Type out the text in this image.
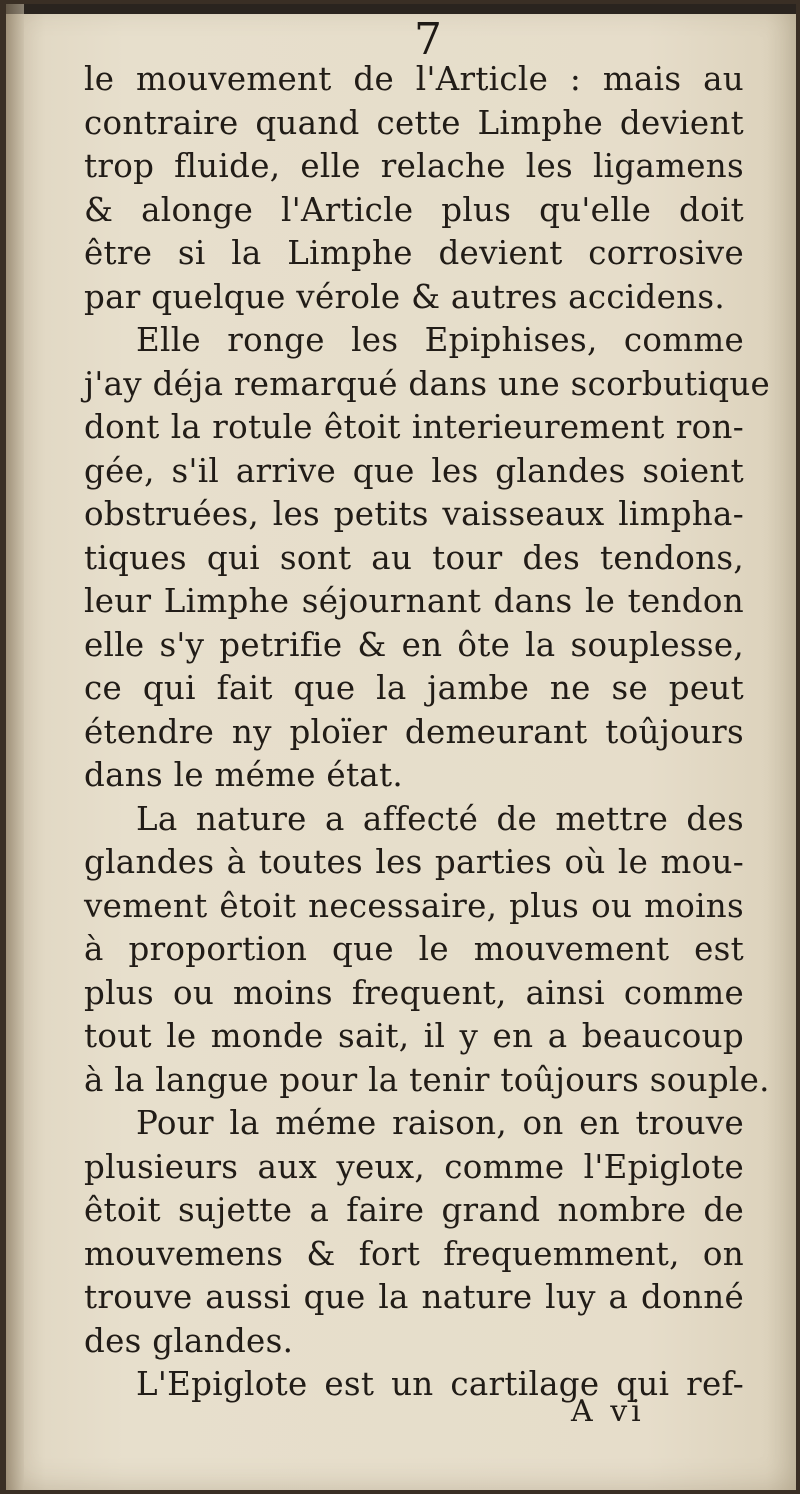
7
le mouvement de l'Article : mais au
contraire quand cette Limphe devient
trop fluide, elle relache les ligamens
& alonge l'Article plus qu'elle doit
être si la Limphe devient corrosive
par quelque vérole & autres accidens.
Elle ronge les Epiphises, comme
j'ay déja remarqué dans une scorbutique
dont la rotule êtoit interieurement ron-
gée, s'il arrive que les glandes soient
obstruées, les petits vaisseaux limpha-
tiques qui sont au tour des tendons,
leur Limphe séjournant dans le tendon
elle s'y petrifie & en ôte la souplesse,
ce qui fait que la jambe ne se peut
étendre ny ploïer demeurant toûjours
dans le méme état.
La nature a affecté de mettre des
glandes à toutes les parties où le mou-
vement êtoit necessaire, plus ou moins
à proportion que le mouvement est
plus ou moins frequent, ainsi comme
tout le monde sait, il y en a beaucoup
à la langue pour la tenir toûjours souple.
Pour la méme raison, on en trouve
plusieurs aux yeux, comme l'Epiglote
êtoit sujette a faire grand nombre de
mouvemens & fort frequemment, on
trouve aussi que la nature luy a donné
des glandes.
L'Epiglote est un cartilage qui ref-
A vi
